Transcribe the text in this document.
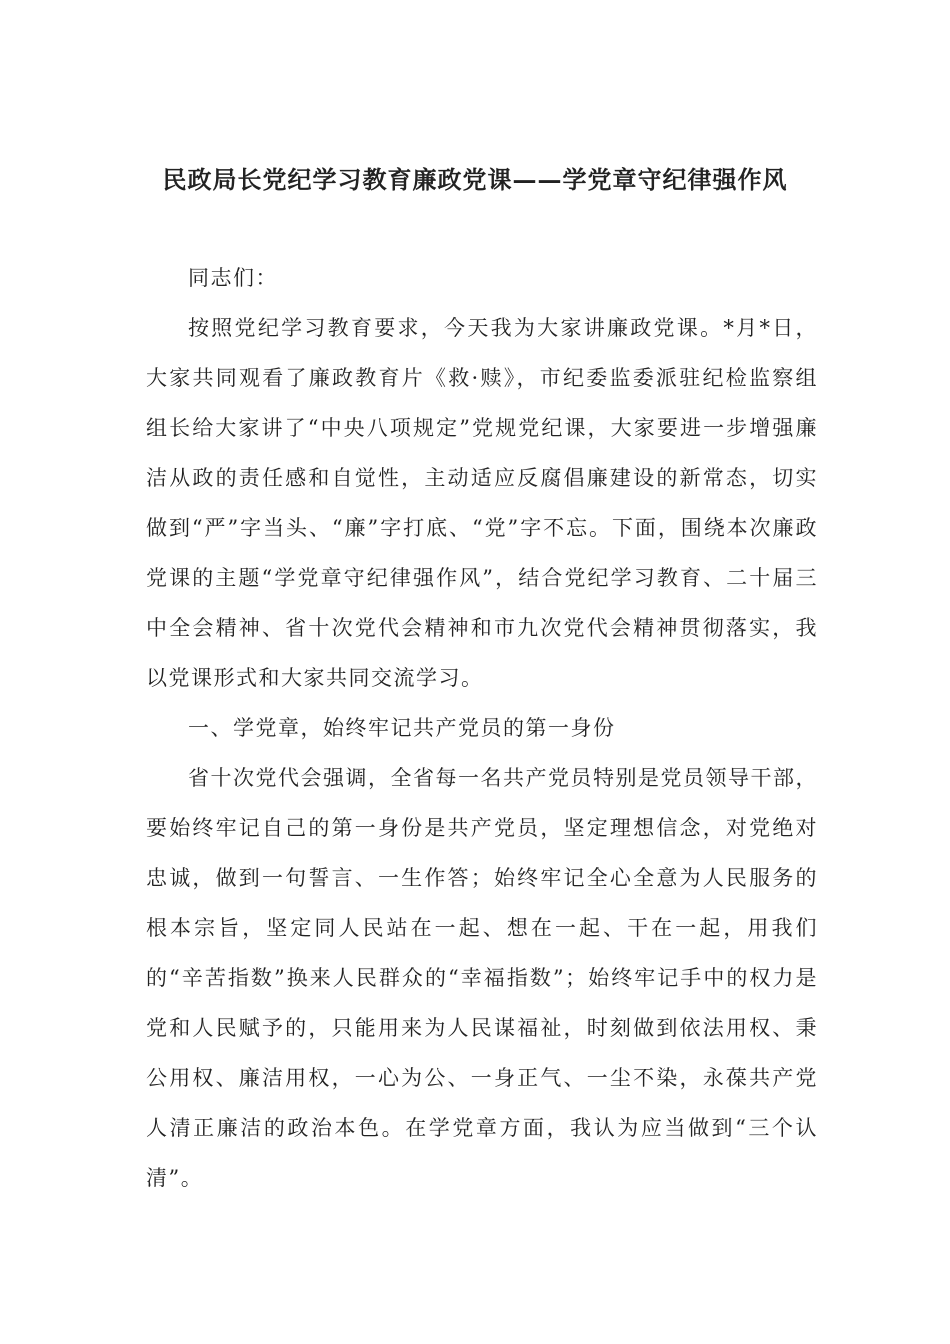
民政局长党纪学习教育廉政党课——学党章守纪律强作风

同志们：

按照党纪学习教育要求，今天我为大家讲廉政党课。*月*日，大家共同观看了廉政教育片《救·赎》，市纪委监委派驻纪检监察组组长给大家讲了“中央八项规定”党规党纪课，大家要进一步增强廉洁从政的责任感和自觉性，主动适应反腐倡廉建设的新常态，切实做到“严”字当头、“廉”字打底、“党”字不忘。下面，围绕本次廉政党课的主题“学党章守纪律强作风”，结合党纪学习教育、二十届三中全会精神、省十次党代会精神和市九次党代会精神贯彻落实，我以党课形式和大家共同交流学习。

一、学党章，始终牢记共产党员的第一身份

省十次党代会强调，全省每一名共产党员特别是党员领导干部，要始终牢记自己的第一身份是共产党员，坚定理想信念，对党绝对忠诚，做到一句誓言、一生作答；始终牢记全心全意为人民服务的根本宗旨，坚定同人民站在一起、想在一起、干在一起，用我们的“辛苦指数”换来人民群众的“幸福指数”；始终牢记手中的权力是党和人民赋予的，只能用来为人民谋福祉，时刻做到依法用权、秉公用权、廉洁用权，一心为公、一身正气、一尘不染，永葆共产党人清正廉洁的政治本色。在学党章方面，我认为应当做到“三个认清”。
